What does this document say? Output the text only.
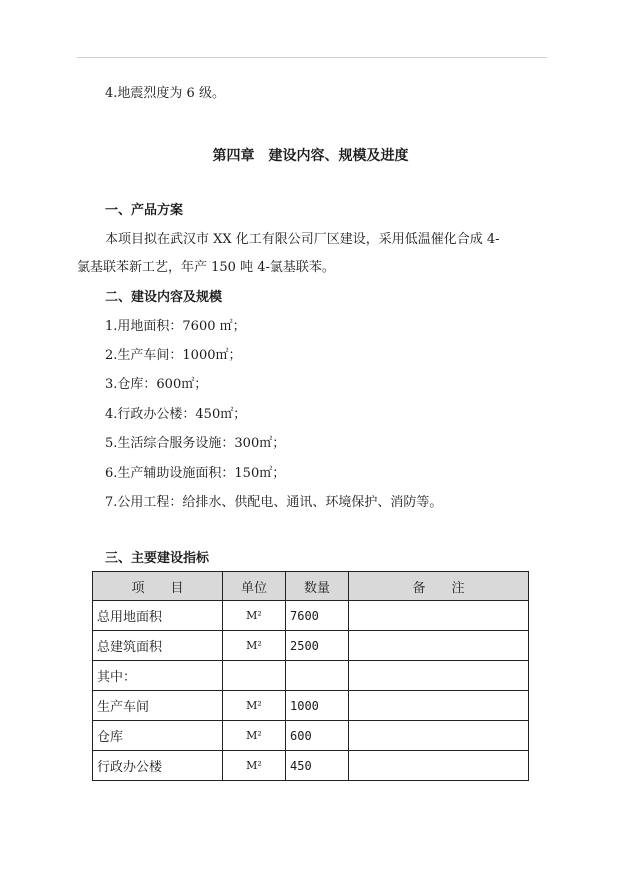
4.地震烈度为 6 级。
第四章　建设内容、规模及进度
一、产品方案
本项目拟在武汉市 XX 化工有限公司厂区建设，采用低温催化合成 4-
氯基联苯新工艺，年产 150 吨 4-氯基联苯。
二、建设内容及规模
1.用地面积：7600 ㎡；
2.生产车间：1000㎡；
3.仓库：600㎡；
4.行政办公楼：450㎡；
5.生活综合服务设施：300㎡；
6.生产辅助设施面积：150㎡；
7.公用工程：给排水、供配电、通讯、环境保护、消防等。
三、主要建设指标
项　　目	单位	数量	备　　注
总用地面积	M²	7600	
总建筑面积	M²	2500	
其中：			
生产车间	M²	1000	
仓库	M²	600	
行政办公楼	M²	450	
